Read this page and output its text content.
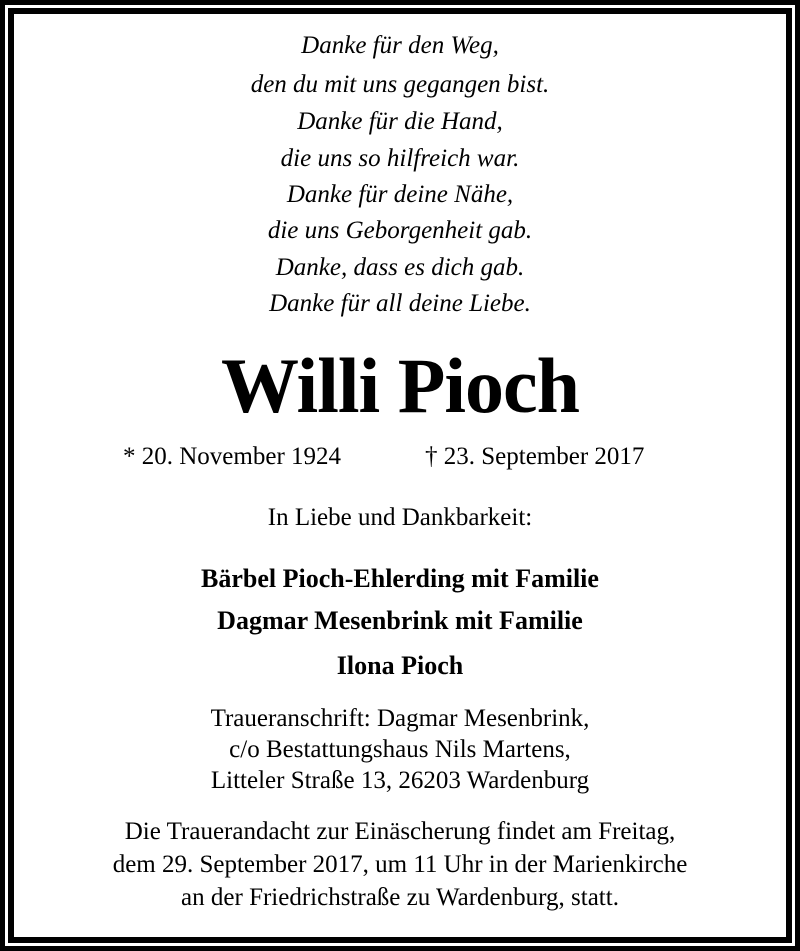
Danke für den Weg,
den du mit uns gegangen bist.
Danke für die Hand,
die uns so hilfreich war.
Danke für deine Nähe,
die uns Geborgenheit gab.
Danke, dass es dich gab.
Danke für all deine Liebe.
Willi Pioch
* 20. November 1924	† 23. September 2017
In Liebe und Dankbarkeit:
Bärbel Pioch-Ehlerding mit Familie
Dagmar Mesenbrink mit Familie
Ilona Pioch
Traueranschrift: Dagmar Mesenbrink,
c/o Bestattungshaus Nils Martens,
Litteler Straße 13, 26203 Wardenburg
Die Trauerandacht zur Einäscherung findet am Freitag,
dem 29. September 2017, um 11 Uhr in der Marienkirche
an der Friedrichstraße zu Wardenburg, statt.
